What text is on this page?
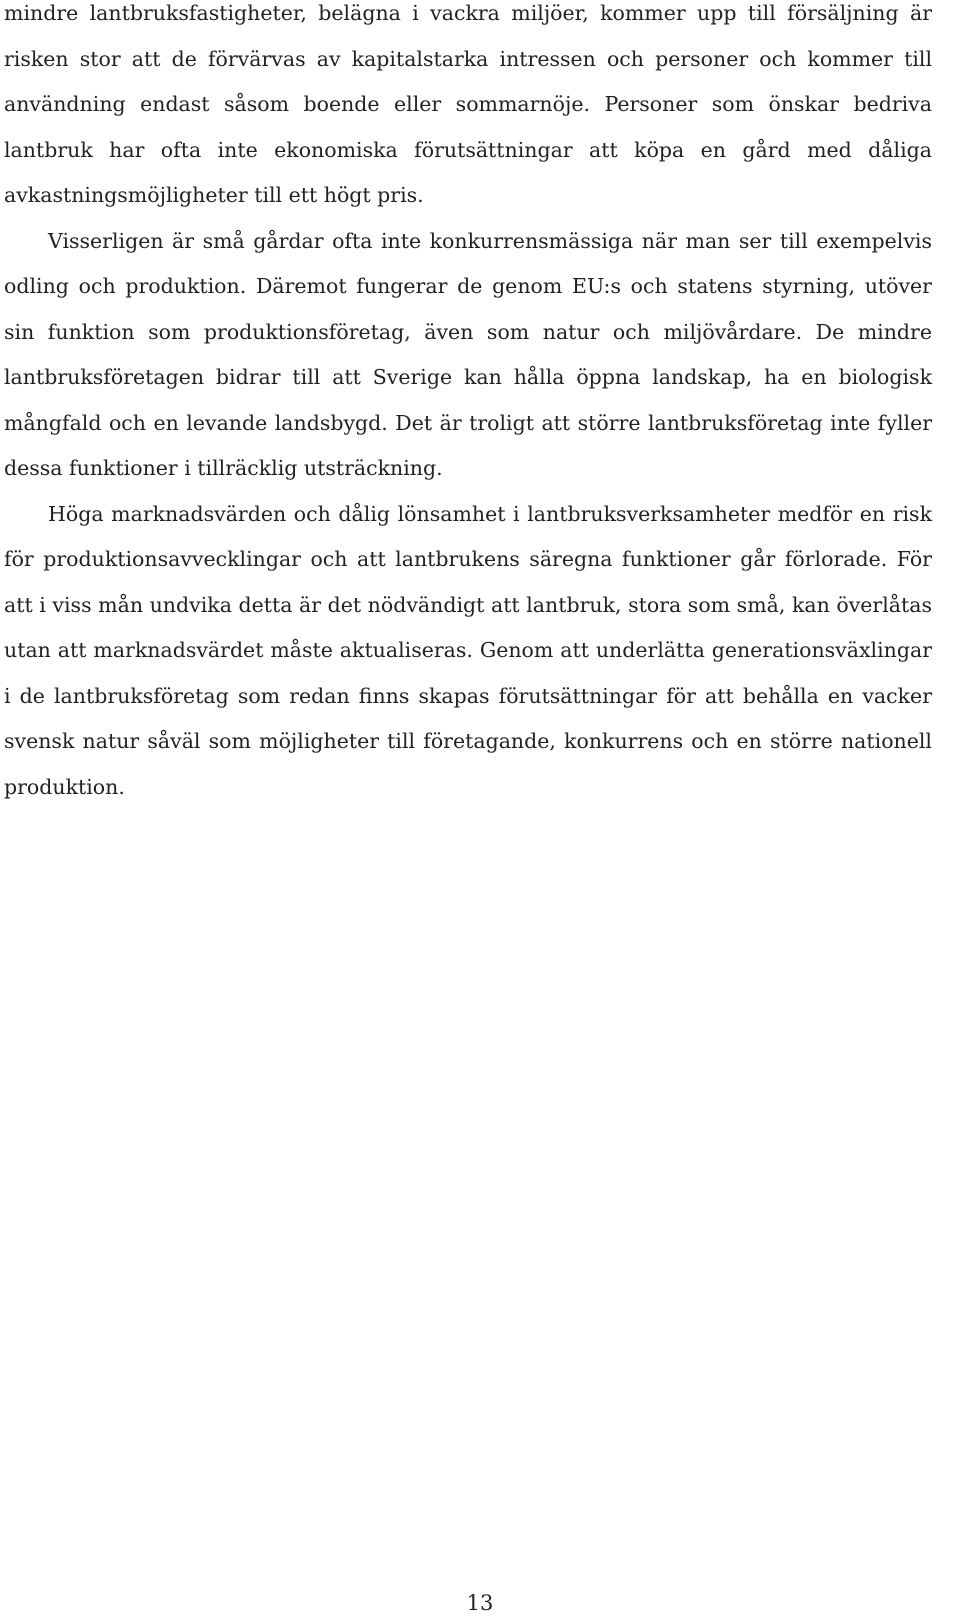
mindre lantbruksfastigheter, belägna i vackra miljöer, kommer upp till försäljning är risken stor att de förvärvas av kapitalstarka intressen och personer och kommer till användning endast såsom boende eller sommarnöje. Personer som önskar bedriva lantbruk har ofta inte ekonomiska förutsättningar att köpa en gård med dåliga avkastningsmöjligheter till ett högt pris.

Visserligen är små gårdar ofta inte konkurrensmässiga när man ser till exempelvis odling och produktion. Däremot fungerar de genom EU:s och statens styrning, utöver sin funktion som produktionsföretag, även som natur och miljövårdare. De mindre lantbruksföretagen bidrar till att Sverige kan hålla öppna landskap, ha en biologisk mångfald och en levande landsbygd. Det är troligt att större lantbruksföretag inte fyller dessa funktioner i tillräcklig utsträckning.

Höga marknadsvärden och dålig lönsamhet i lantbruksverksamheter medför en risk för produktionsavvecklingar och att lantbrukens säregna funktioner går förlorade. För att i viss mån undvika detta är det nödvändigt att lantbruk, stora som små, kan överlåtas utan att marknadsvärdet måste aktualiseras. Genom att underlätta generationsväxlingar i de lantbruksföretag som redan finns skapas förutsättningar för att behålla en vacker svensk natur såväl som möjligheter till företagande, konkurrens och en större nationell produktion.

13
